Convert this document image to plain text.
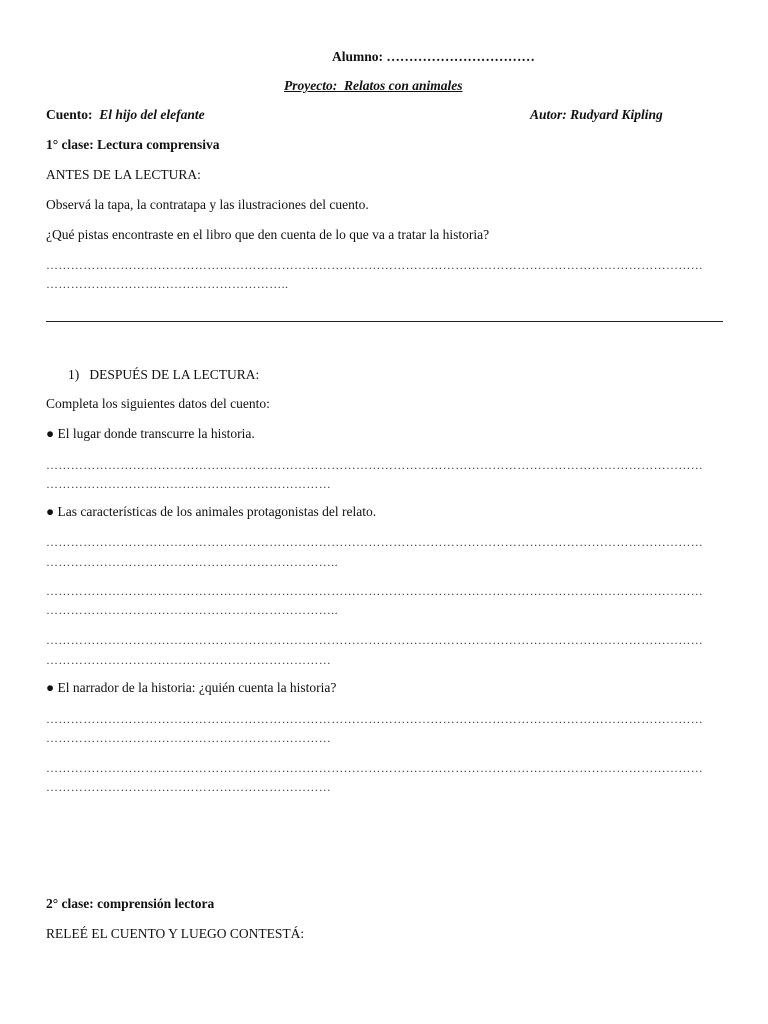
Alumno: ……………………………
Proyecto: Relatos con animales
Cuento: El hijo del elefante	Autor: Rudyard Kipling
1° clase: Lectura comprensiva
ANTES DE LA LECTURA:
Observá la tapa, la contratapa y las ilustraciones del cuento.
¿Qué pistas encontraste en el libro que den cuenta de lo que va a tratar la historia?
……………………………………………………………………………………………………………………………………………
…………………………………………………..
1) DESPUÉS DE LA LECTURA:
Completa los siguientes datos del cuento:
● El lugar donde transcurre la historia.
……………………………………………………………………………………………………………………………………………
……………………………………………………………
● Las características de los animales protagonistas del relato.
……………………………………………………………………………………………………………………………………………
……………………………………………………………..
……………………………………………………………………………………………………………………………………………
……………………………………………………………..
……………………………………………………………………………………………………………………………………………
……………………………………………………………
● El narrador de la historia: ¿quién cuenta la historia?
……………………………………………………………………………………………………………………………………………
……………………………………………………………
……………………………………………………………………………………………………………………………………………
……………………………………………………………
2° clase: comprensión lectora
RELEÉ EL CUENTO Y LUEGO CONTESTÁ:
